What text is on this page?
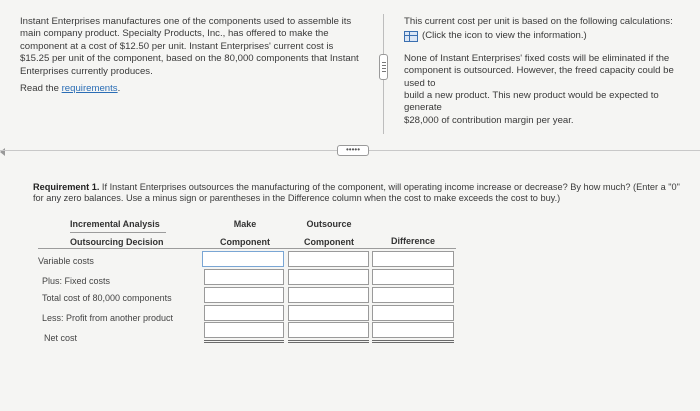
Instant Enterprises manufactures one of the components used to assemble its
main company product. Specialty Products, Inc., has offered to make the
component at a cost of $12.50 per unit. Instant Enterprises' current cost is
$15.25 per unit of the component, based on the 80,000 components that Instant
Enterprises currently produces.
Read the requirements.
This current cost per unit is based on the following calculations:
(Click the icon to view the information.)
None of Instant Enterprises' fixed costs will be eliminated if the
component is outsourced. However, the freed capacity could be used to
build a new product. This new product would be expected to generate
$28,000 of contribution margin per year.
•••••
Requirement 1. If Instant Enterprises outsources the manufacturing of the component, will operating income increase or decrease? By how much? (Enter a "0" for any zero balances. Use a minus sign or parentheses in the Difference column when the cost to make exceeds the cost to buy.)
Incremental Analysis
Outsourcing Decision
Make
Component
Outsource
Component	Difference
Variable costs
Plus: Fixed costs
Total cost of 80,000 components
Less: Profit from another product
Net cost
